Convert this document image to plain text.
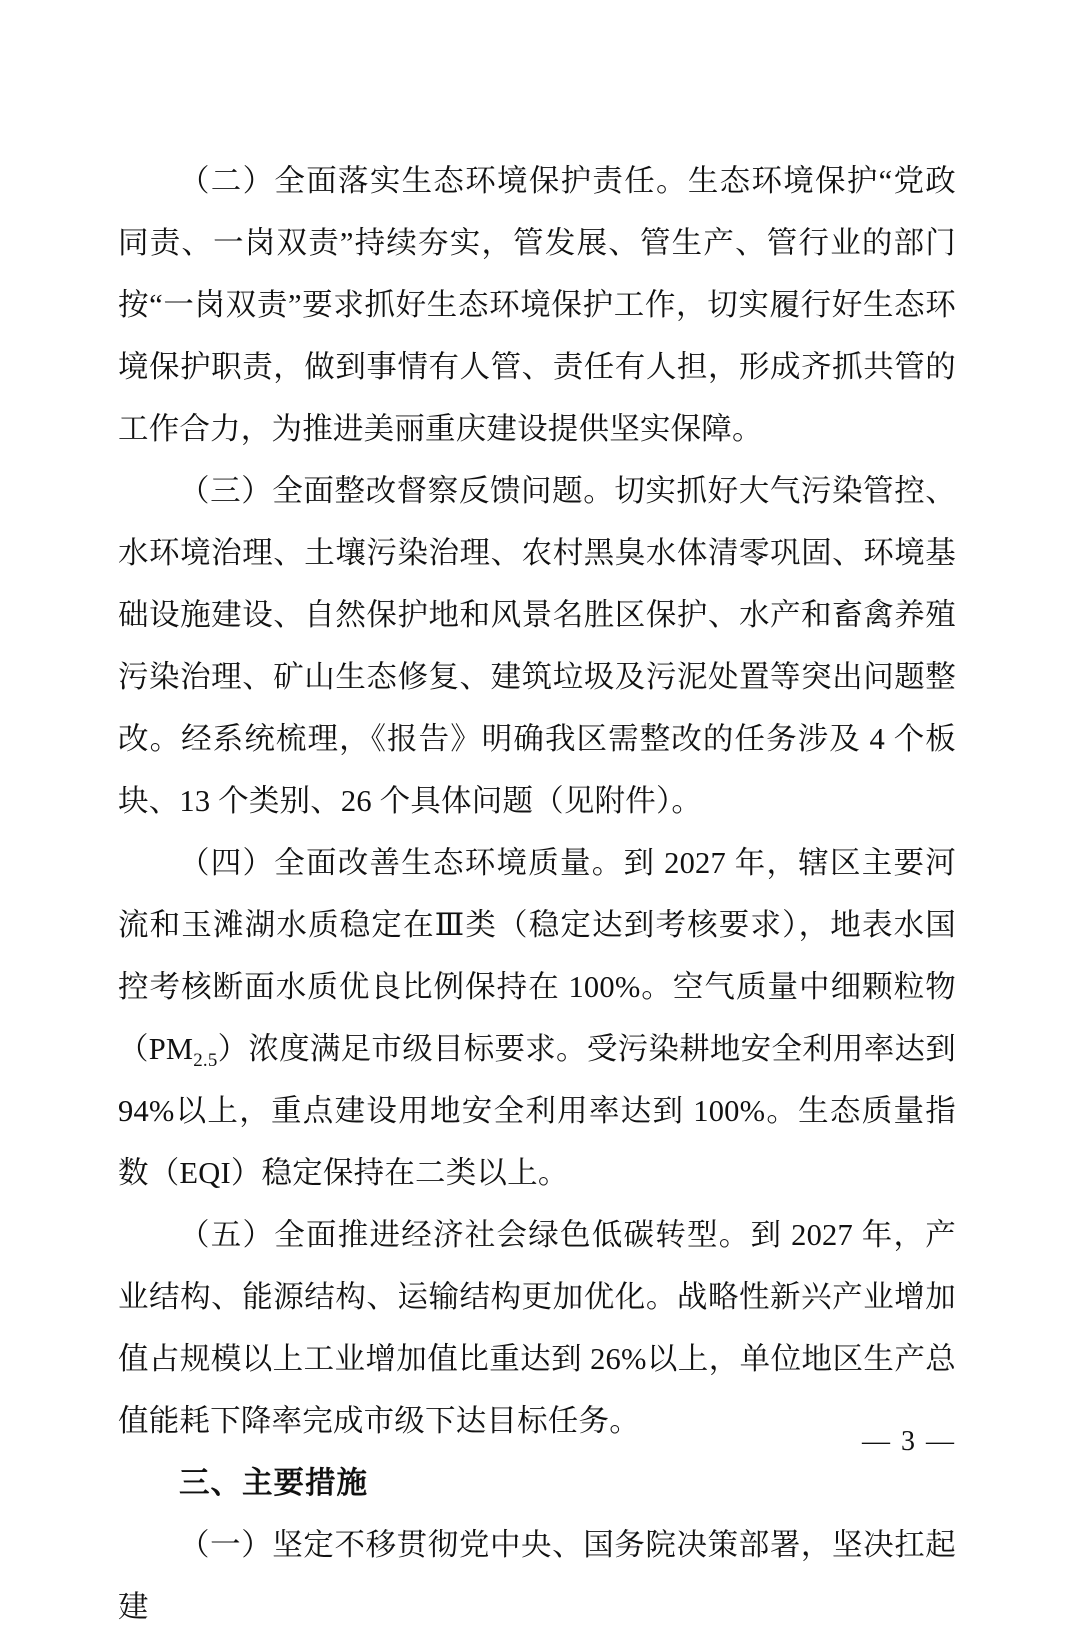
（二）全面落实生态环境保护责任。生态环境保护“党政同责、一岗双责”持续夯实，管发展、管生产、管行业的部门按“一岗双责”要求抓好生态环境保护工作，切实履行好生态环境保护职责，做到事情有人管、责任有人担，形成齐抓共管的工作合力，为推进美丽重庆建设提供坚实保障。

（三）全面整改督察反馈问题。切实抓好大气污染管控、水环境治理、土壤污染治理、农村黑臭水体清零巩固、环境基础设施建设、自然保护地和风景名胜区保护、水产和畜禽养殖污染治理、矿山生态修复、建筑垃圾及污泥处置等突出问题整改。经系统梳理，《报告》明确我区需整改的任务涉及 4 个板块、13 个类别、26 个具体问题（见附件）。

（四）全面改善生态环境质量。到 2027 年，辖区主要河流和玉滩湖水质稳定在Ⅲ类（稳定达到考核要求），地表水国控考核断面水质优良比例保持在 100%。空气质量中细颗粒物$(PM_{2.5})$浓度满足市级目标要求。受污染耕地安全利用率达到 94%以上，重点建设用地安全利用率达到 100%。生态质量指数（EQI）稳定保持在二类以上。

（五）全面推进经济社会绿色低碳转型。到 2027 年，产业结构、能源结构、运输结构更加优化。战略性新兴产业增加值占规模以上工业增加值比重达到 26%以上，单位地区生产总值能耗下降率完成市级下达目标任务。

三、主要措施

（一）坚定不移贯彻党中央、国务院决策部署，坚决扛起建

— 3 —
